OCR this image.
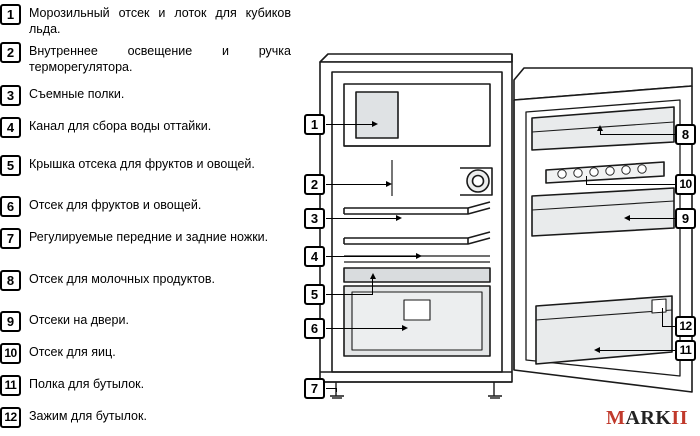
1	Морозильный отсек и лоток для кубиков льда.
2	Внутреннее освещение и ручка терморегулятора.
3	Съемные полки.
4	Канал для сбора воды оттайки.
5	Крышка отсека для фруктов и овощей.
6	Отсек для фруктов и овощей.
7	Регулируемые передние и задние ножки.
8	Отсек для молочных продуктов.
9	Отсеки на двери.
10 Отсек для яиц.
11	Полка для бутылок.
12 Зажим для бутылок.
1
2
3
4
5
6
7
8
10
9
12
11
MARKII
